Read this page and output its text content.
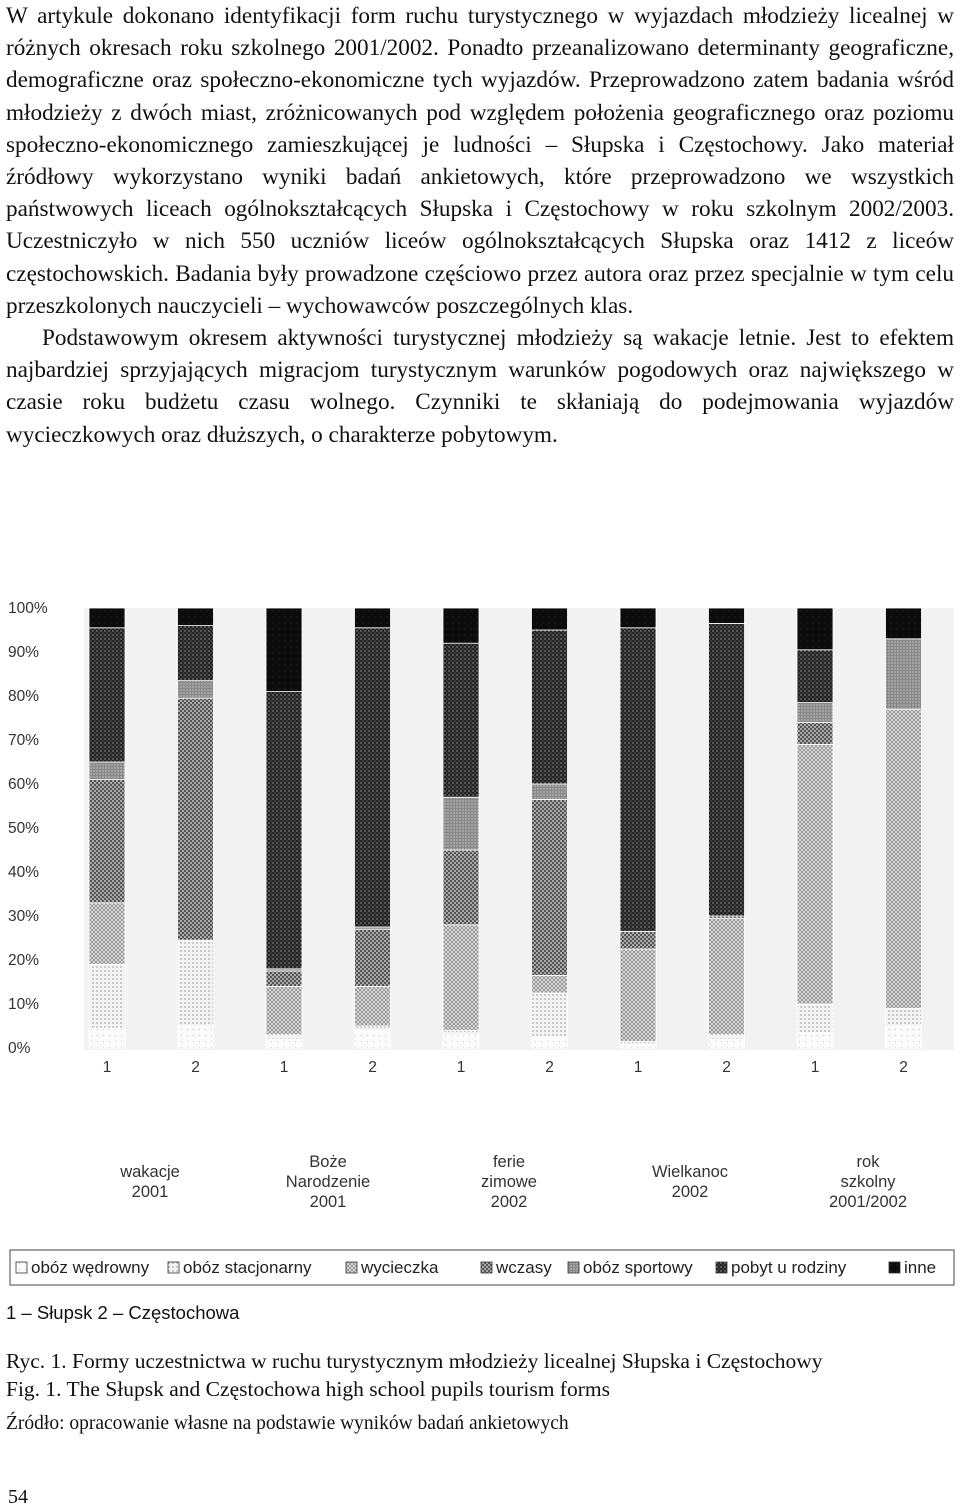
W artykule dokonano identyfikacji form ruchu turystycznego w wyjazdach młodzieży licealnej w różnych okresach roku szkolnego 2001/2002. Ponadto przeanalizowano determinanty geograficzne, demograficzne oraz społeczno-ekonomiczne tych wyjazdów. Przeprowadzono zatem badania wśród młodzieży z dwóch miast, zróżnicowanych pod względem położenia geograficznego oraz poziomu społeczno-ekonomicznego zamieszkującej je ludności – Słupska i Częstochowy. Jako materiał źródłowy wykorzystano wyniki badań ankietowych, które przeprowadzono we wszystkich państwowych liceach ogólnokształcących Słupska i Częstochowy w roku szkolnym 2002/2003. Uczestniczyło w nich 550 uczniów liceów ogólnokształcących Słupska oraz 1412 z liceów częstochowskich. Badania były prowadzone częściowo przez autora oraz przez specjalnie w tym celu przeszkolonych nauczycieli – wychowawców poszczególnych klas.

Podstawowym okresem aktywności turystycznej młodzieży są wakacje letnie. Jest to efektem najbardziej sprzyjających migracjom turystycznym warunków pogodowych oraz największego w czasie roku budżetu czasu wolnego. Czynniki te skłaniają do podejmowania wyjazdów wycieczkowych oraz dłuższych, o charakterze pobytowym.

100%
90%
80%
70%
60%
50%
40%
30%
20%
10%
0%
1	2	1	2	1	2	1	2	1	2
wakacje
2001
Boże
Narodzenie
2001
ferie
zimowe
2002
Wielkanoc
2002
rok
szkolny
2001/2002
obóz wędrowny obóz stacjonarny	wycieczka	wczasy obóz sportowy pobyt u rodziny	inne
1 – Słupsk 2 – Częstochowa
Ryc. 1. Formy uczestnictwa w ruchu turystycznym młodzieży licealnej Słupska i Częstochowy
Fig. 1. The Słupsk and Częstochowa high school pupils tourism forms
Źródło: opracowanie własne na podstawie wyników badań ankietowych
54
